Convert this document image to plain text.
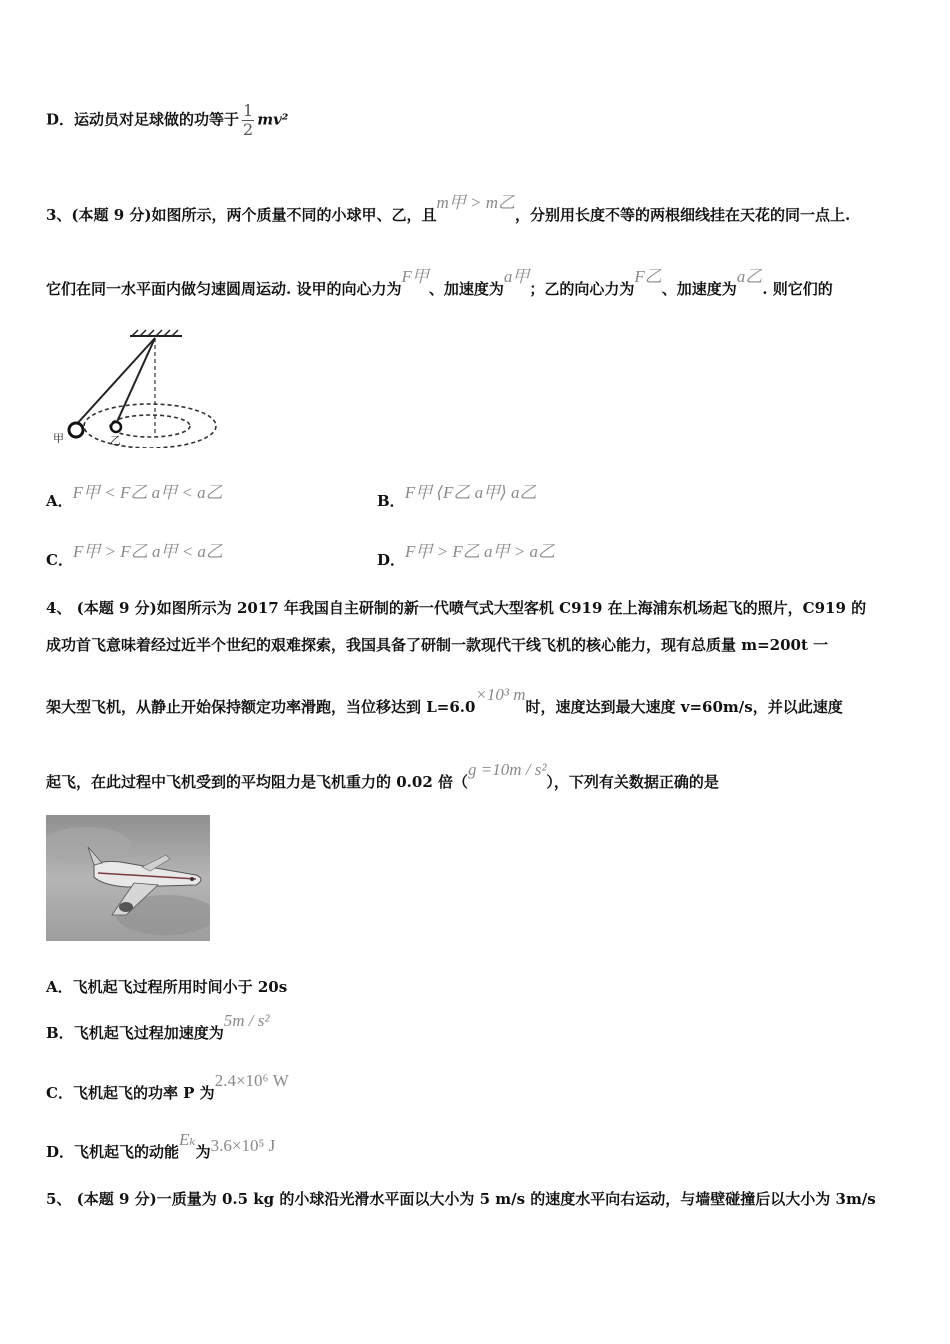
D．运动员对足球做的功等于 $\frac{1}{2} mv^2$
3、(本题 9 分)如图所示，两个质量不同的小球甲、乙，且m甲 > m乙，分别用长度不等的两根细线挂在天花的同一点上.
它们在同一水平面内做匀速圆周运动. 设甲的向心力为F甲、加速度为a甲；乙的向心力为F乙、加速度为a乙. 则它们的
甲	乙
A．F甲 < F乙 a甲 < a乙	B．F甲 ⟨F乙 a甲⟩ a乙
C．F甲 > F乙 a甲 < a乙	D．F甲 > F乙 a甲 > a乙
4、 (本题 9 分)如图所示为 2017 年我国自主研制的新一代喷气式大型客机 C919 在上海浦东机场起飞的照片，C919 的
成功首飞意味着经过近半个世纪的艰难探索，我国具备了研制一款现代干线飞机的核心能力，现有总质量 m=200t 一
架大型飞机，从静止开始保持额定功率滑跑，当位移达到 L=6.0×10³ m时，速度达到最大速度 v=60m/s，并以此速度
起飞，在此过程中飞机受到的平均阻力是飞机重力的 0.02 倍（g =10m / s²），下列有关数据正确的是
A．飞机起飞过程所用时间小于 20s
B．飞机起飞过程加速度为5m / s²
C．飞机起飞的功率 P 为2.4×10⁶ W
D．飞机起飞的动能Eₖ为3.6×10⁵ J
5、 (本题 9 分)一质量为 0.5 kg 的小球沿光滑水平面以大小为 5 m/s 的速度水平向右运动，与墙壁碰撞后以大小为 3m/s
